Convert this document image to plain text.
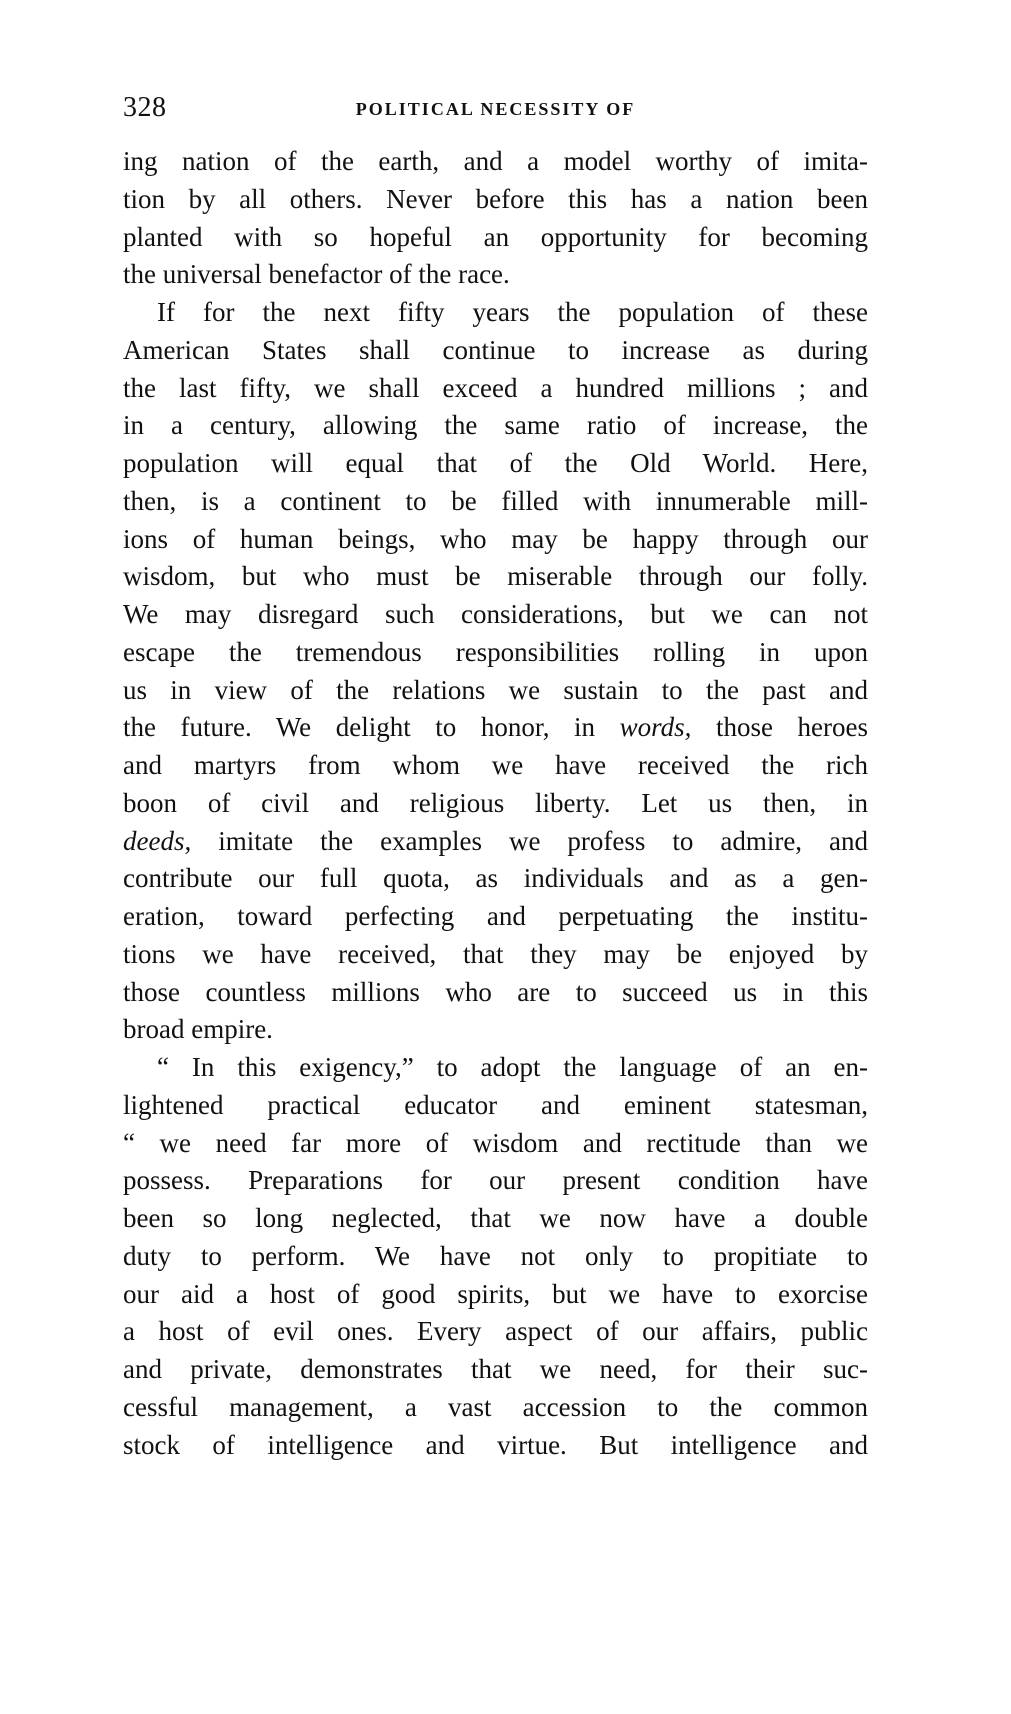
328	POLITICAL NECESSITY OF
ing nation of the earth, and a model worthy of imita-
tion by all others. Never before this has a nation been
planted with so hopeful an opportunity for becoming
the universal benefactor of the race.
If for the next fifty years the population of these
American States shall continue to increase as during
the last fifty, we shall exceed a hundred millions ; and
in a century, allowing the same ratio of increase, the
population will equal that of the Old World. Here,
then, is a continent to be filled with innumerable mill-
ions of human beings, who may be happy through our
wisdom, but who must be miserable through our folly.
We may disregard such considerations, but we can not
escape the tremendous responsibilities rolling in upon
us in view of the relations we sustain to the past and
the future. We delight to honor, in words, those heroes
and martyrs from whom we have received the rich
boon of civil and religious liberty. Let us then, in
deeds, imitate the examples we profess to admire, and
contribute our full quota, as individuals and as a gen-
eration, toward perfecting and perpetuating the institu-
tions we have received, that they may be enjoyed by
those countless millions who are to succeed us in this
broad empire.
“ In this exigency,” to adopt the language of an en-
lightened practical educator and eminent statesman,
“ we need far more of wisdom and rectitude than we
possess. Preparations for our present condition have
been so long neglected, that we now have a double
duty to perform. We have not only to propitiate to
our aid a host of good spirits, but we have to exorcise
a host of evil ones. Every aspect of our affairs, public
and private, demonstrates that we need, for their suc-
cessful management, a vast accession to the common
stock of intelligence and virtue. But intelligence and
